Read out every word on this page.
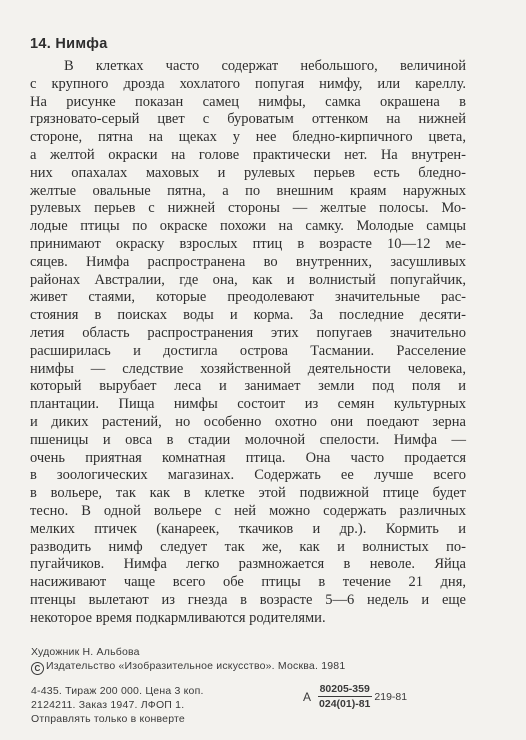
14. Нимфа
В клетках часто содержат небольшого, величиной
с крупного дрозда хохлатого попугая нимфу, или кареллу.
На рисунке показан самец нимфы, самка окрашена в
грязновато-серый цвет с буроватым оттенком на нижней
стороне, пятна на щеках у нее бледно-кирпичного цвета,
а желтой окраски на голове практически нет. На внутрен-
них опахалах маховых и рулевых перьев есть бледно-
желтые овальные пятна, а по внешним краям наружных
рулевых перьев с нижней стороны — желтые полосы. Мо-
лодые птицы по окраске похожи на самку. Молодые самцы
принимают окраску взрослых птиц в возрасте 10—12 ме-
сяцев. Нимфа распространена во внутренних, засушливых
районах Австралии, где она, как и волнистый попугайчик,
живет стаями, которые преодолевают значительные рас-
стояния в поисках воды и корма. За последние десяти-
летия область распространения этих попугаев значительно
расширилась и достигла острова Тасмании. Расселение
нимфы — следствие хозяйственной деятельности человека,
который вырубает леса и занимает земли под поля и
плантации. Пища нимфы состоит из семян культурных
и диких растений, но особенно охотно они поедают зерна
пшеницы и овса в стадии молочной спелости. Нимфа —
очень приятная комнатная птица. Она часто продается
в зоологических магазинах. Содержать ее лучше всего
в вольере, так как в клетке этой подвижной птице будет
тесно. В одной вольере с ней можно содержать различных
мелких птичек (канареек, ткачиков и др.). Кормить и
разводить нимф следует так же, как и волнистых по-
пугайчиков. Нимфа легко размножается в неволе. Яйца
насиживают чаще всего обе птицы в течение 21 дня,
птенцы вылетают из гнезда в возрасте 5—6 недель и еще
некоторое время подкармливаются родителями.
Художник Н. Альбова
С Издательство «Изобразительное искусство». Москва. 1981
4-435. Тираж 200 000. Цена 3 коп.
2124211. Заказ 1947. ЛФОП 1.
Отправлять только в конверте
А $\frac{80205-359}{024(01)-81} 219-81$
